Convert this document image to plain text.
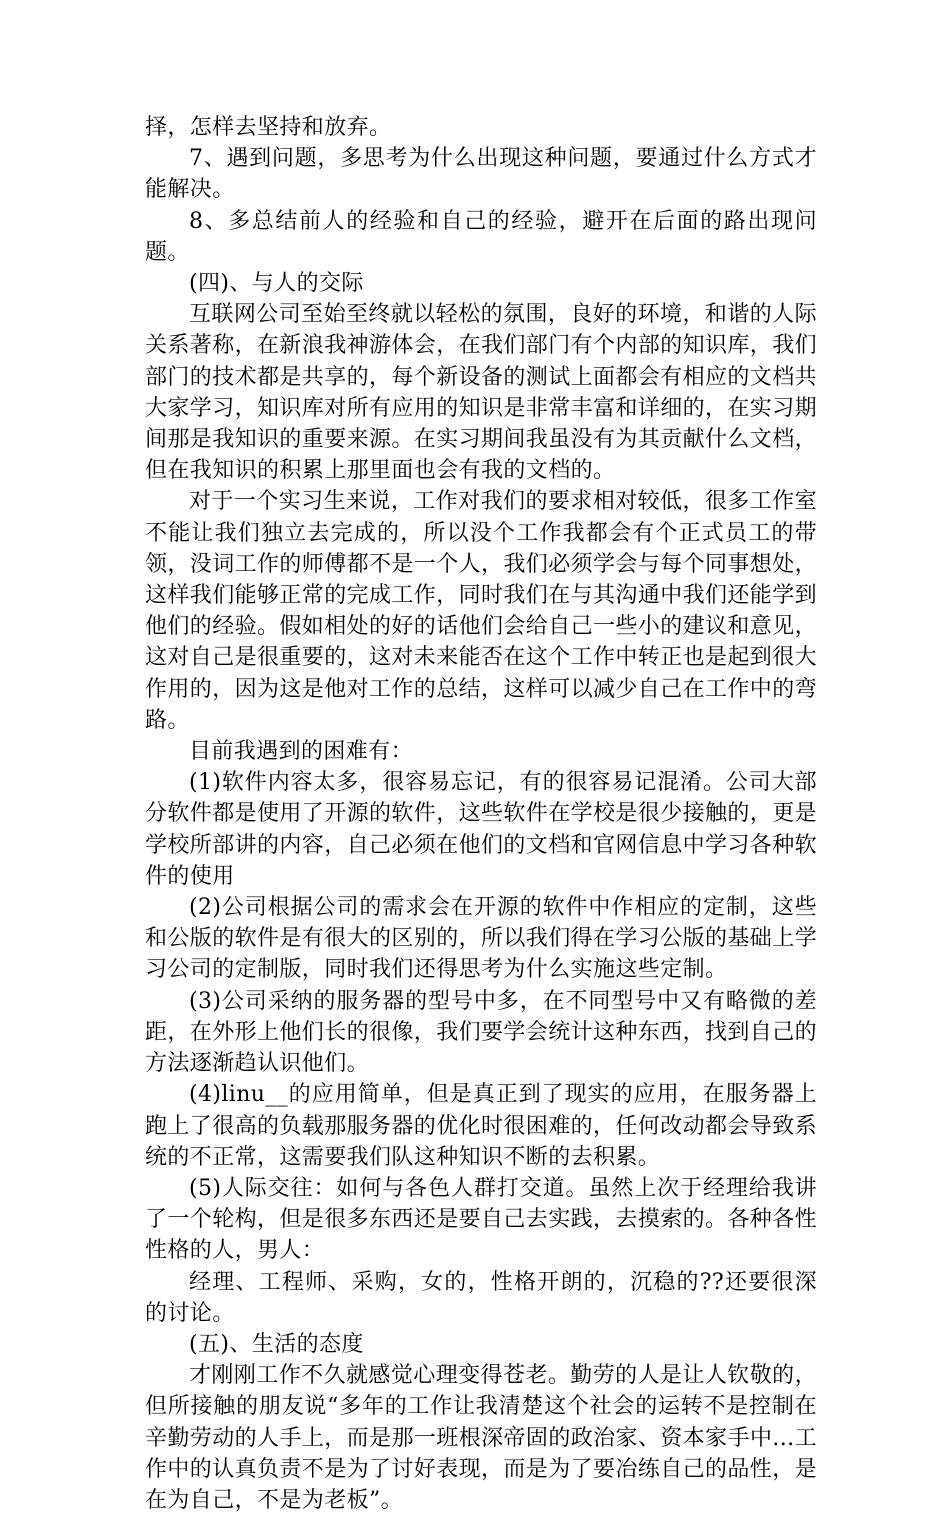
择，怎样去坚持和放弃。

7、遇到问题，多思考为什么出现这种问题，要通过什么方式才能解决。

8、多总结前人的经验和自己的经验，避开在后面的路出现问题。

(四)、与人的交际

互联网公司至始至终就以轻松的氛围，良好的环境，和谐的人际关系著称，在新浪我神游体会，在我们部门有个内部的知识库，我们部门的技术都是共享的，每个新设备的测试上面都会有相应的文档共大家学习，知识库对所有应用的知识是非常丰富和详细的，在实习期间那是我知识的重要来源。在实习期间我虽没有为其贡献什么文档，但在我知识的积累上那里面也会有我的文档的。

对于一个实习生来说，工作对我们的要求相对较低，很多工作室不能让我们独立去完成的，所以没个工作我都会有个正式员工的带领，没词工作的师傅都不是一个人，我们必须学会与每个同事想处，这样我们能够正常的完成工作，同时我们在与其沟通中我们还能学到他们的经验。假如相处的好的话他们会给自己一些小的建议和意见，这对自己是很重要的，这对未来能否在这个工作中转正也是起到很大作用的，因为这是他对工作的总结，这样可以减少自己在工作中的弯路。

目前我遇到的困难有：

(1)软件内容太多，很容易忘记，有的很容易记混淆。公司大部分软件都是使用了开源的软件，这些软件在学校是很少接触的，更是学校所部讲的内容，自己必须在他们的文档和官网信息中学习各种软件的使用

(2)公司根据公司的需求会在开源的软件中作相应的定制，这些和公版的软件是有很大的区别的，所以我们得在学习公版的基础上学习公司的定制版，同时我们还得思考为什么实施这些定制。

(3)公司采纳的服务器的型号中多，在不同型号中又有略微的差距，在外形上他们长的很像，我们要学会统计这种东西，找到自己的方法逐渐趋认识他们。

(4)linu__的应用简单，但是真正到了现实的应用，在服务器上跑上了很高的负载那服务器的优化时很困难的，任何改动都会导致系统的不正常，这需要我们队这种知识不断的去积累。

(5)人际交往：如何与各色人群打交道。虽然上次于经理给我讲了一个轮构，但是很多东西还是要自己去实践，去摸索的。各种各性性格的人，男人：

经理、工程师、采购，女的，性格开朗的，沉稳的??还要很深的讨论。

(五)、生活的态度

才刚刚工作不久就感觉心理变得苍老。勤劳的人是让人钦敬的，但所接触的朋友说“多年的工作让我清楚这个社会的运转不是控制在辛勤劳动的人手上，而是那一班根深帝固的政治家、资本家手中...工作中的认真负责不是为了讨好表现，而是为了要冶练自己的品性，是在为自己，不是为老板”。
